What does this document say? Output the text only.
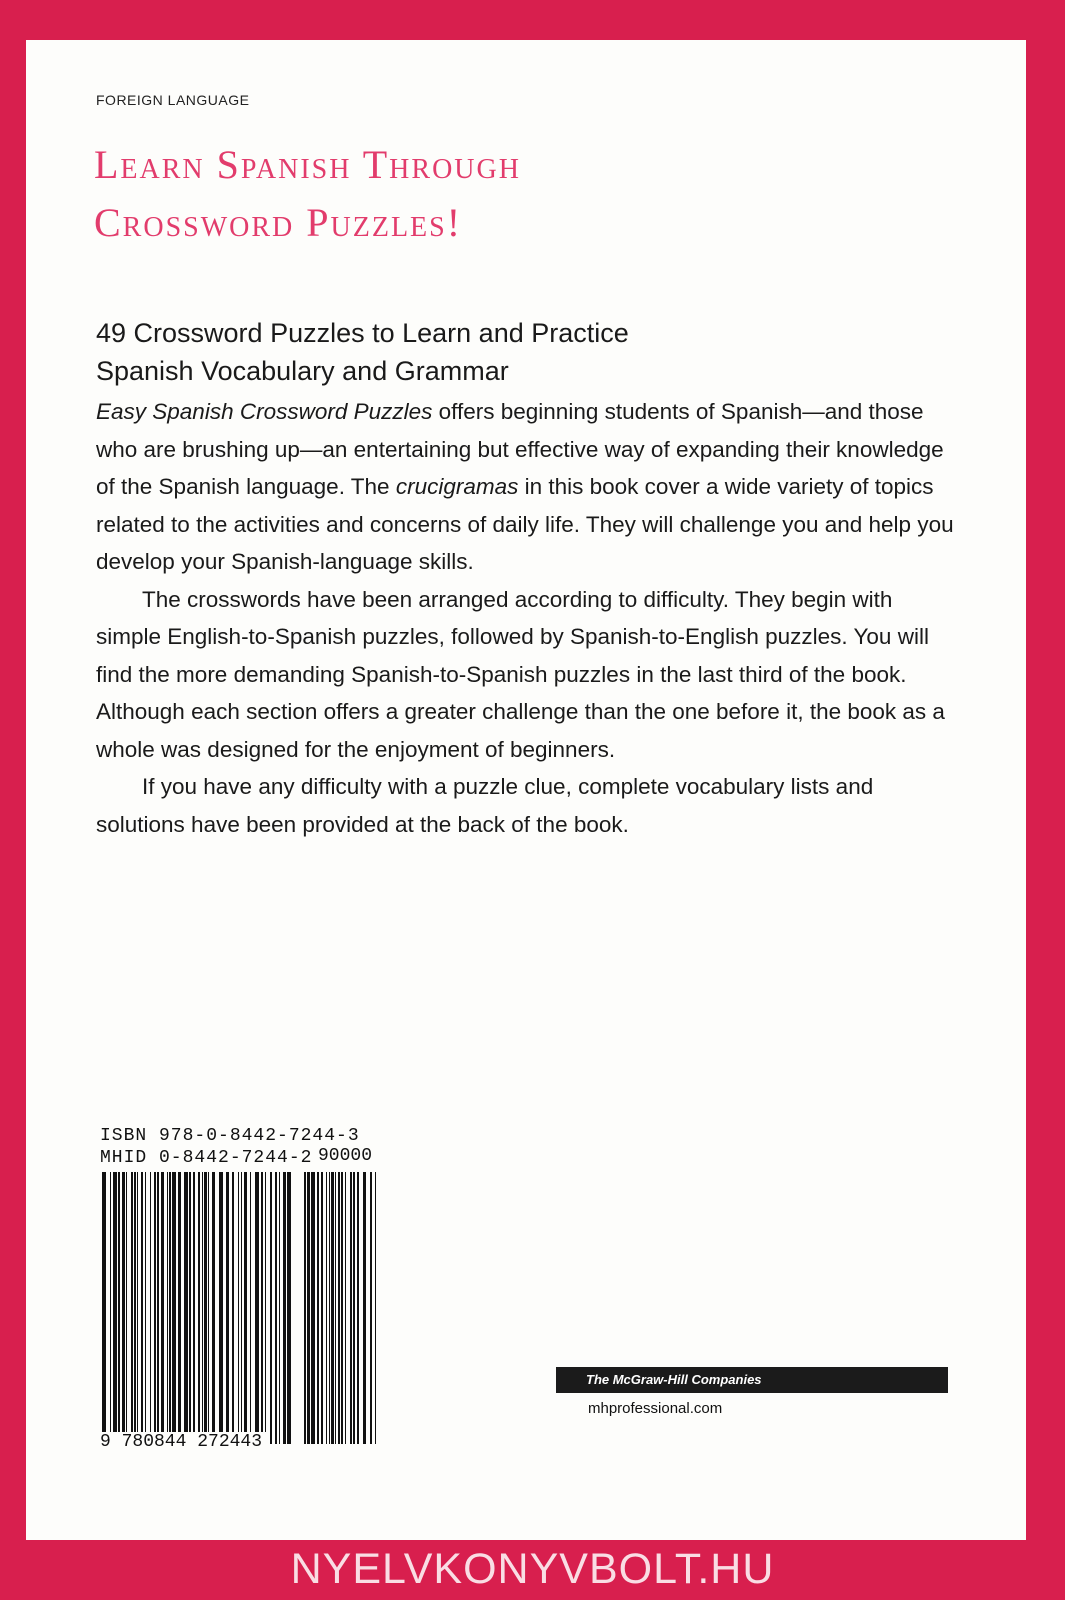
FOREIGN LANGUAGE
Learn Spanish Through
Crossword Puzzles!
49 Crossword Puzzles to Learn and Practice
Spanish Vocabulary and Grammar

Easy Spanish Crossword Puzzles offers beginning students of Spanish—and those who are brushing up—an entertaining but effective way of expanding their knowledge of the Spanish language. The crucigramas in this book cover a wide variety of topics related to the activities and concerns of daily life. They will challenge you and help you develop your Spanish-language skills.

The crosswords have been arranged according to difficulty. They begin with simple English-to-Spanish puzzles, followed by Spanish-to-English puzzles. You will find the more demanding Spanish-to-Spanish puzzles in the last third of the book. Although each section offers a greater challenge than the one before it, the book as a whole was designed for the enjoyment of beginners.

If you have any difficulty with a puzzle clue, complete vocabulary lists and solutions have been provided at the back of the book.

ISBN 978-0-8442-7244-3
MHID 0-8442-7244-2 90000
9 780844 272443
The McGraw-Hill Companies
mhprofessional.com
NYELVKONYVBOLT.HU
